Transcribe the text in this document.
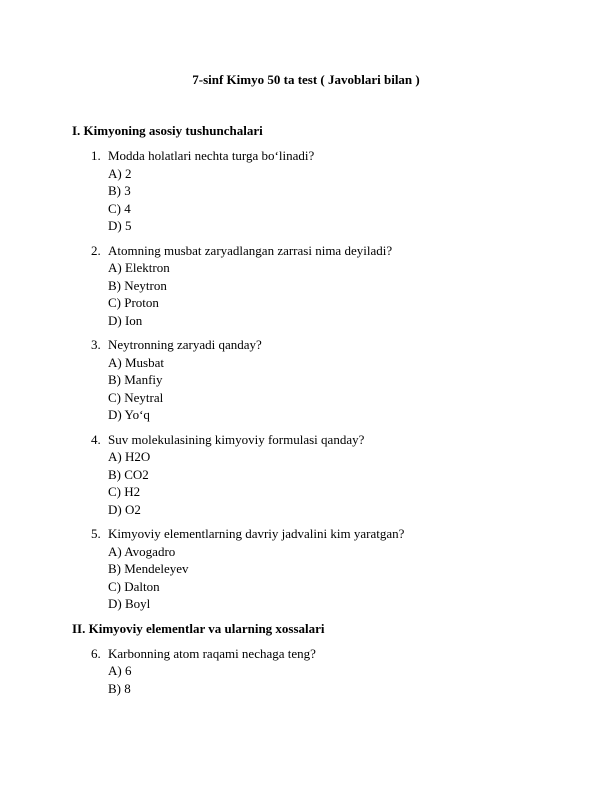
7-sinf Kimyo 50 ta test ( Javoblari bilan )
I. Kimyoning asosiy tushunchalari
1. Modda holatlari nechta turga bo‘linadi?
A) 2
B) 3
C) 4
D) 5
2. Atomning musbat zaryadlangan zarrasi nima deyiladi?
A) Elektron
B) Neytron
C) Proton
D) Ion
3. Neytronning zaryadi qanday?
A) Musbat
B) Manfiy
C) Neytral
D) Yo‘q
4. Suv molekulasining kimyoviy formulasi qanday?
A) H2O
B) CO2
C) H2
D) O2
5. Kimyoviy elementlarning davriy jadvalini kim yaratgan?
A) Avogadro
B) Mendeleyev
C) Dalton
D) Boyl
II. Kimyoviy elementlar va ularning xossalari
6. Karbonning atom raqami nechaga teng?
A) 6
B) 8
